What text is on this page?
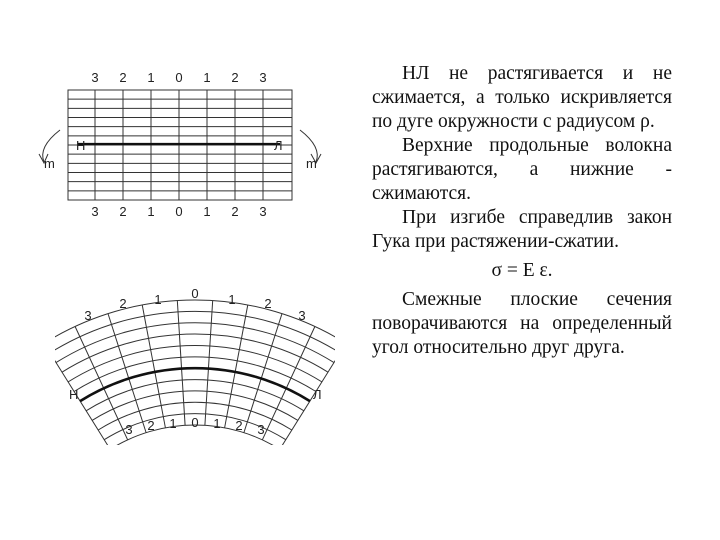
3 2 1 0 1 2 3
Н	Л
m	m
3 2 1 0 1 2 3
3
2 1 0 1 2
3
Н	Л
3 2 1 0 1 2 3

НЛ не растягивается и не сжимается, а только искривляется по дуге окружности с радиусом ρ.

Верхние продольные волокна растягиваются, а нижние - сжимаются.

При изгибе справедлив закон Гука при растяжении-сжатии.

σ = E ε.

Смежные плоские сечения поворачиваются на определенный угол относительно друг друга.
